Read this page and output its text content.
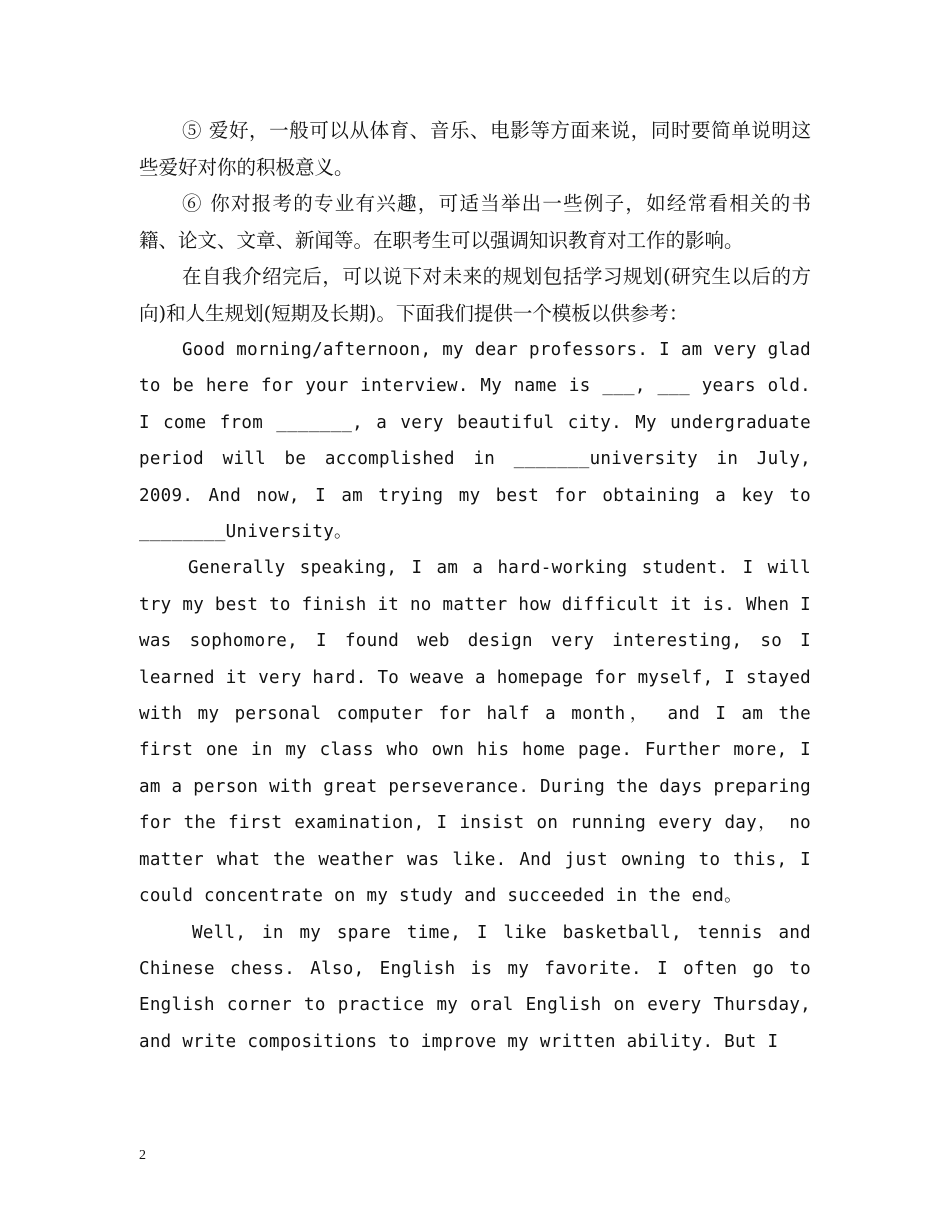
⑤ 爱好，一般可以从体育、音乐、电影等方面来说，同时要简单说明这些爱好对你的积极意义。

⑥ 你对报考的专业有兴趣，可适当举出一些例子，如经常看相关的书籍、论文、文章、新闻等。在职考生可以强调知识教育对工作的影响。

在自我介绍完后，可以说下对未来的规划包括学习规划(研究生以后的方向)和人生规划(短期及长期)。下面我们提供一个模板以供参考：

Good morning/afternoon, my dear professors. I am very glad to be here for your interview. My name is ___, ___ years old. I come from _______, a very beautiful city. My undergraduate period will be accomplished in _______university in July, 2009. And now, I am trying my best for obtaining a key to ________University。

Generally speaking, I am a hard-working student. I will try my best to finish it no matter how difficult it is. When I was sophomore, I found web design very interesting, so I learned it very hard. To weave a homepage for myself, I stayed with my personal computer for half a month， and I am the first one in my class who own his home page. Further more, I am a person with great perseverance. During the days preparing for the first examination, I insist on running every day， no matter what the weather was like. And just owning to this, I could concentrate on my study and succeeded in the end。

Well, in my spare time, I like basketball, tennis and Chinese chess. Also, English is my favorite. I often go to English corner to practice my oral English on every Thursday, and write compositions to improve my written ability. But I

2
